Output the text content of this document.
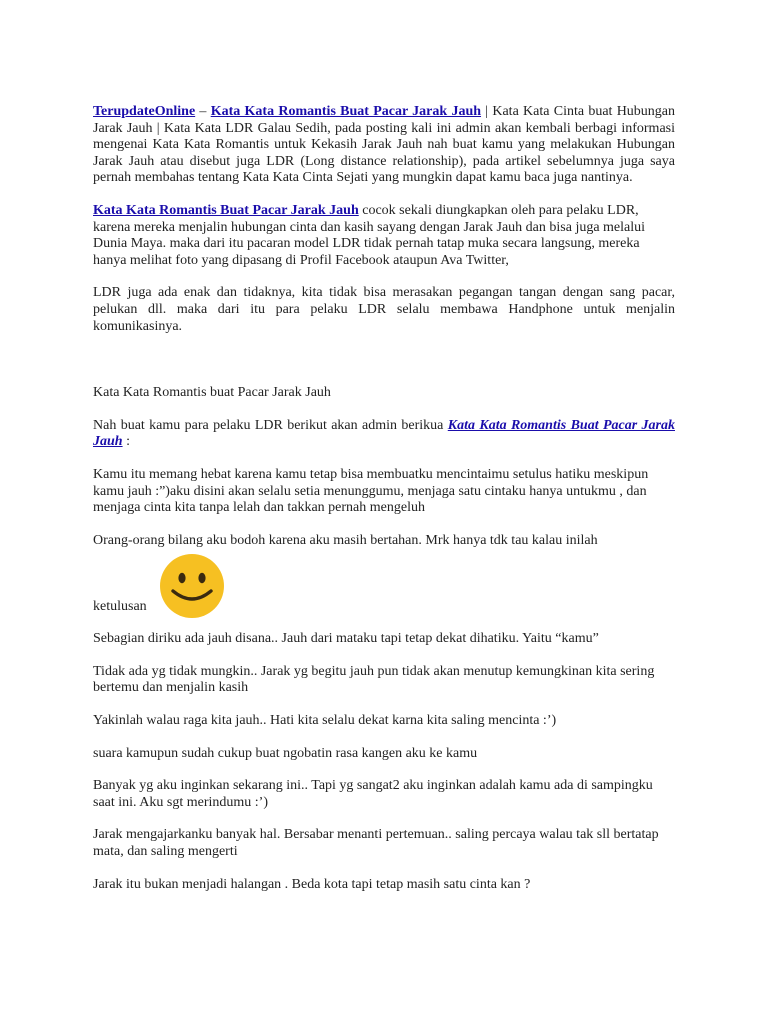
TerupdateOnline – Kata Kata Romantis Buat Pacar Jarak Jauh | Kata Kata Cinta buat Hubungan Jarak Jauh | Kata Kata LDR Galau Sedih, pada posting kali ini admin akan kembali berbagi informasi mengenai Kata Kata Romantis untuk Kekasih Jarak Jauh nah buat kamu yang melakukan Hubungan Jarak Jauh atau disebut juga LDR (Long distance relationship), pada artikel sebelumnya juga saya pernah membahas tentang Kata Kata Cinta Sejati yang mungkin dapat kamu baca juga nantinya.

Kata Kata Romantis Buat Pacar Jarak Jauh cocok sekali diungkapkan oleh para pelaku LDR, karena mereka menjalin hubungan cinta dan kasih sayang dengan Jarak Jauh dan bisa juga melalui Dunia Maya. maka dari itu pacaran model LDR tidak pernah tatap muka secara langsung, mereka hanya melihat foto yang dipasang di Profil Facebook ataupun Ava Twitter,

LDR juga ada enak dan tidaknya, kita tidak bisa merasakan pegangan tangan dengan sang pacar, pelukan dll. maka dari itu para pelaku LDR selalu membawa Handphone untuk menjalin komunikasinya.

Kata Kata Romantis buat Pacar Jarak Jauh

Nah buat kamu para pelaku LDR berikut akan admin berikua Kata Kata Romantis Buat Pacar Jarak Jauh :

Kamu itu memang hebat karena kamu tetap bisa membuatku mencintaimu setulus hatiku meskipun kamu jauh :”)aku disini akan selalu setia menunggumu, menjaga satu cintaku hanya untukmu , dan menjaga cinta kita tanpa lelah dan takkan pernah mengeluh

Orang-orang bilang aku bodoh karena aku masih bertahan. Mrk hanya tdk tau kalau inilah

ketulusan

Sebagian diriku ada jauh disana.. Jauh dari mataku tapi tetap dekat dihatiku. Yaitu “kamu”

Tidak ada yg tidak mungkin.. Jarak yg begitu jauh pun tidak akan menutup kemungkinan kita sering bertemu dan menjalin kasih

Yakinlah walau raga kita jauh.. Hati kita selalu dekat karna kita saling mencinta :’)

suara kamupun sudah cukup buat ngobatin rasa kangen aku ke kamu

Banyak yg aku inginkan sekarang ini.. Tapi yg sangat2 aku inginkan adalah kamu ada di sampingku saat ini. Aku sgt merindumu :’)

Jarak mengajarkanku banyak hal. Bersabar menanti pertemuan.. saling percaya walau tak sll bertatap mata, dan saling mengerti

Jarak itu bukan menjadi halangan . Beda kota tapi tetap masih satu cinta kan ?
